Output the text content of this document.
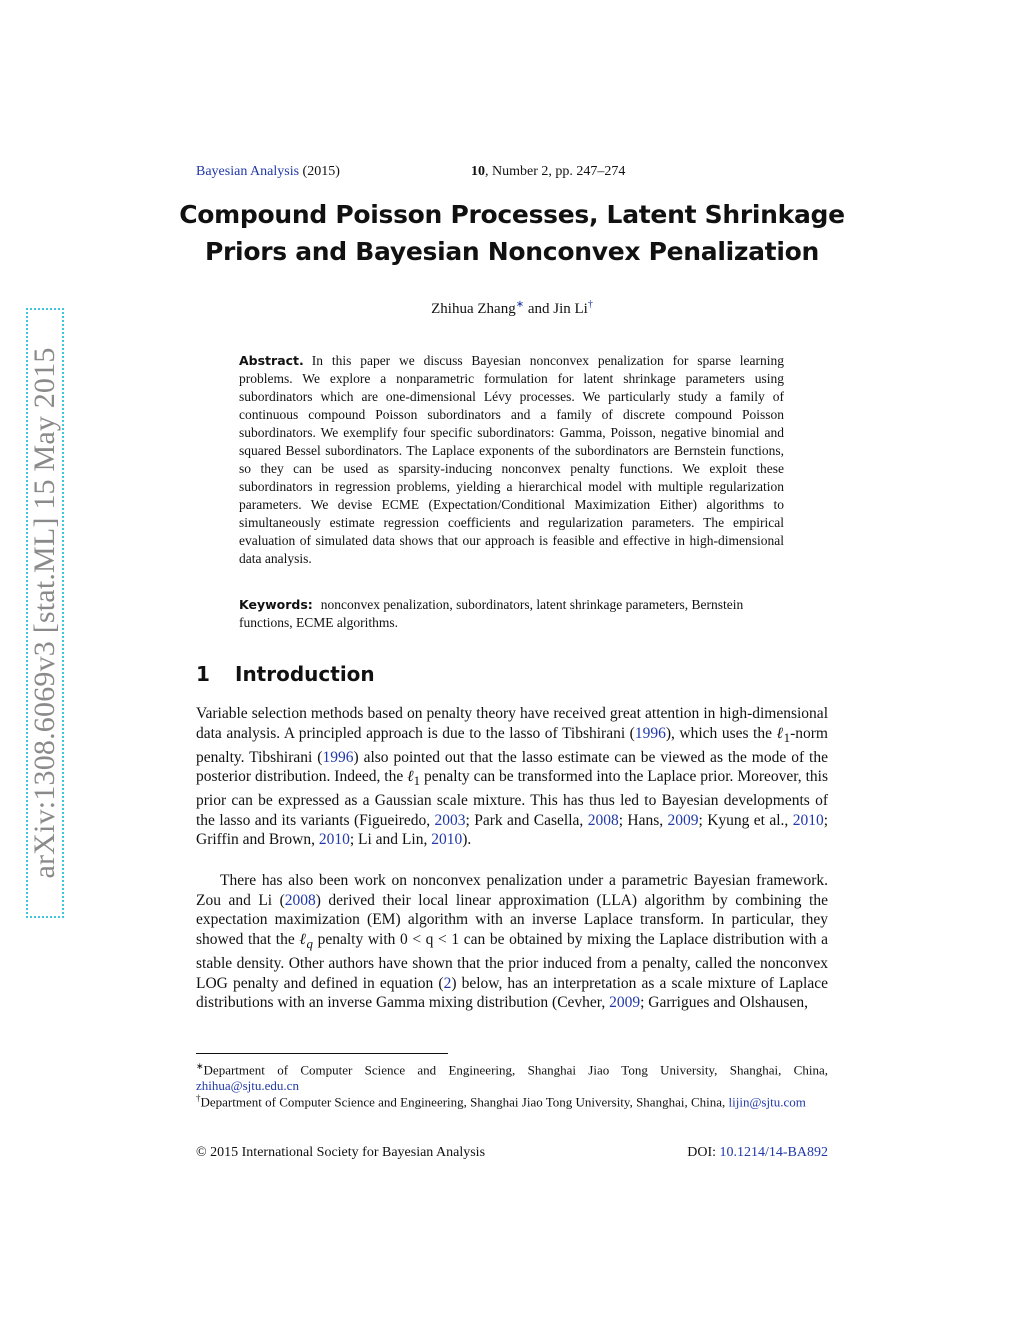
arXiv:1308.6069v3 [stat.ML] 15 May 2015
Bayesian Analysis (2015)	10, Number 2, pp. 247–274
Compound Poisson Processes, Latent Shrinkage Priors and Bayesian Nonconvex Penalization
Zhihua Zhang∗ and Jin Li†
Abstract. In this paper we discuss Bayesian nonconvex penalization for sparse learning problems. We explore a nonparametric formulation for latent shrinkage parameters using subordinators which are one-dimensional Lévy processes. We particularly study a family of continuous compound Poisson subordinators and a family of discrete compound Poisson subordinators. We exemplify four specific subordinators: Gamma, Poisson, negative binomial and squared Bessel subordinators. The Laplace exponents of the subordinators are Bernstein functions, so they can be used as sparsity-inducing nonconvex penalty functions. We exploit these subordinators in regression problems, yielding a hierarchical model with multiple regularization parameters. We devise ECME (Expectation/Conditional Maximization Either) algorithms to simultaneously estimate regression coefficients and regularization parameters. The empirical evaluation of simulated data shows that our approach is feasible and effective in high-dimensional data analysis.
Keywords: nonconvex penalization, subordinators, latent shrinkage parameters, Bernstein functions, ECME algorithms.
1 Introduction
Variable selection methods based on penalty theory have received great attention in high-dimensional data analysis. A principled approach is due to the lasso of Tibshirani (1996), which uses the ℓ$_1$-norm penalty. Tibshirani (1996) also pointed out that the lasso estimate can be viewed as the mode of the posterior distribution. Indeed, the ℓ$_1$ penalty can be transformed into the Laplace prior. Moreover, this prior can be expressed as a Gaussian scale mixture. This has thus led to Bayesian developments of the lasso and its variants (Figueiredo, 2003; Park and Casella, 2008; Hans, 2009; Kyung et al., 2010; Griffin and Brown, 2010; Li and Lin, 2010).
There has also been work on nonconvex penalization under a parametric Bayesian framework. Zou and Li (2008) derived their local linear approximation (LLA) algorithm by combining the expectation maximization (EM) algorithm with an inverse Laplace transform. In particular, they showed that the ℓ$_q$ penalty with 0 < q < 1 can be obtained by mixing the Laplace distribution with a stable density. Other authors have shown that the prior induced from a penalty, called the nonconvex LOG penalty and defined in equation (2) below, has an interpretation as a scale mixture of Laplace distributions with an inverse Gamma mixing distribution (Cevher, 2009; Garrigues and Olshausen,
∗Department of Computer Science and Engineering, Shanghai Jiao Tong University, Shanghai, China, zhihua@sjtu.edu.cn
†Department of Computer Science and Engineering, Shanghai Jiao Tong University, Shanghai, China, lijin@sjtu.com
© 2015 International Society for Bayesian Analysis	DOI: 10.1214/14-BA892
